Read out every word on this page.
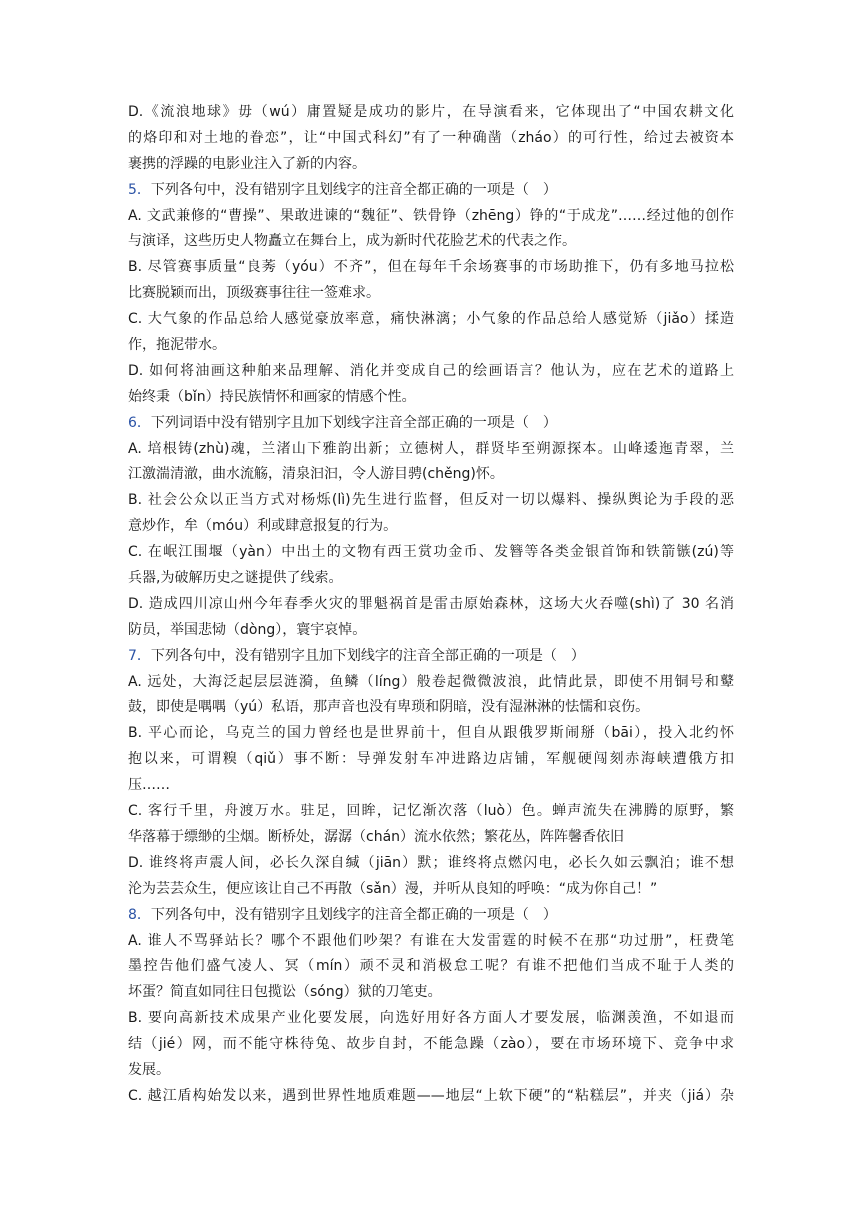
D.《流浪地球》毋（wú）庸置疑是成功的影片，在导演看来，它体现出了“中国农耕文化
的烙印和对土地的眷恋”，让“中国式科幻”有了一种确凿（zháo）的可行性，给过去被资本
裹携的浮躁的电影业注入了新的内容。
5．下列各句中，没有错别字且划线字的注音全都正确的一项是（　）
A. 文武兼修的“曹操”、果敢进谏的“魏征”、铁骨铮（zhēng）铮的“于成龙”……经过他的创作
与演译，这些历史人物矗立在舞台上，成为新时代花脸艺术的代表之作。
B. 尽管赛事质量“良莠（yóu）不齐”，但在每年千余场赛事的市场助推下，仍有多地马拉松
比赛脱颖而出，顶级赛事往往一签难求。
C. 大气象的作品总给人感觉豪放率意，痛快淋漓；小气象的作品总给人感觉矫（jiǎo）揉造
作，拖泥带水。
D. 如何将油画这种舶来品理解、消化并变成自己的绘画语言？他认为，应在艺术的道路上
始终秉（bǐn）持民族情怀和画家的情感个性。
6．下列词语中没有错别字且加下划线字注音全部正确的一项是（　）
A. 培根铸(zhù)魂，兰渚山下雅韵出新；立德树人，群贤毕至朔源探本。山峰逶迤青翠，兰
江激湍清澈，曲水流觞，清泉汩汩，令人游目骋(chěng)怀。
B. 社会公众以正当方式对杨烁(lì)先生进行监督，但反对一切以爆料、操纵舆论为手段的恶
意炒作，牟（móu）利或肆意报复的行为。
C. 在岷江围堰（yàn）中出土的文物有西王赏功金币、发簪等各类金银首饰和铁箭镞(zú)等
兵器,为破解历史之谜提供了线索。
D. 造成四川凉山州今年春季火灾的罪魁祸首是雷击原始森林，这场大火吞噬(shì)了 30 名消
防员，举国悲恸（dòng），寰宇哀悼。
7．下列各句中，没有错别字且加下划线字的注音全部正确的一项是（　）
A. 远处，大海泛起层层涟漪，鱼鳞（líng）般卷起微微波浪，此情此景，即使不用铜号和鼙
鼓，即使是喁喁（yú）私语，那声音也没有卑琐和阴暗，没有湿淋淋的怯懦和哀伤。
B. 平心而论，乌克兰的国力曾经也是世界前十，但自从跟俄罗斯闹掰（bāi），投入北约怀
抱以来，可谓糗（qiǔ）事不断：导弹发射车冲进路边店铺，军舰硬闯刻赤海峡遭俄方扣
压……
C. 客行千里，舟渡万水。驻足，回眸，记忆渐次落（luò）色。蝉声流失在沸腾的原野，繁
华落幕于缥缈的尘烟。断桥处，潺潺（chán）流水依然；繁花丛，阵阵馨香依旧
D. 谁终将声震人间，必长久深自缄（jiān）默；谁终将点燃闪电，必长久如云飘泊；谁不想
沦为芸芸众生，便应该让自己不再散（sǎn）漫，并听从良知的呼唤：“成为你自己！”
8．下列各句中，没有错别字且划线字的注音全都正确的一项是（　）
A. 谁人不骂驿站长？哪个不跟他们吵架？有谁在大发雷霆的时候不在那“功过册”，枉费笔
墨控告他们盛气凌人、冥（mín）顽不灵和消极怠工呢？有谁不把他们当成不耻于人类的
坏蛋？简直如同往日包揽讼（sóng）狱的刀笔吏。
B. 要向高新技术成果产业化要发展，向选好用好各方面人才要发展，临渊羡渔，不如退而
结（jié）网，而不能守株待兔、故步自封，不能急躁（zào），要在市场环境下、竞争中求
发展。
C. 越江盾构始发以来，遇到世界性地质难题——地层“上软下硬”的“粘糕层”，并夹（jiá）杂
